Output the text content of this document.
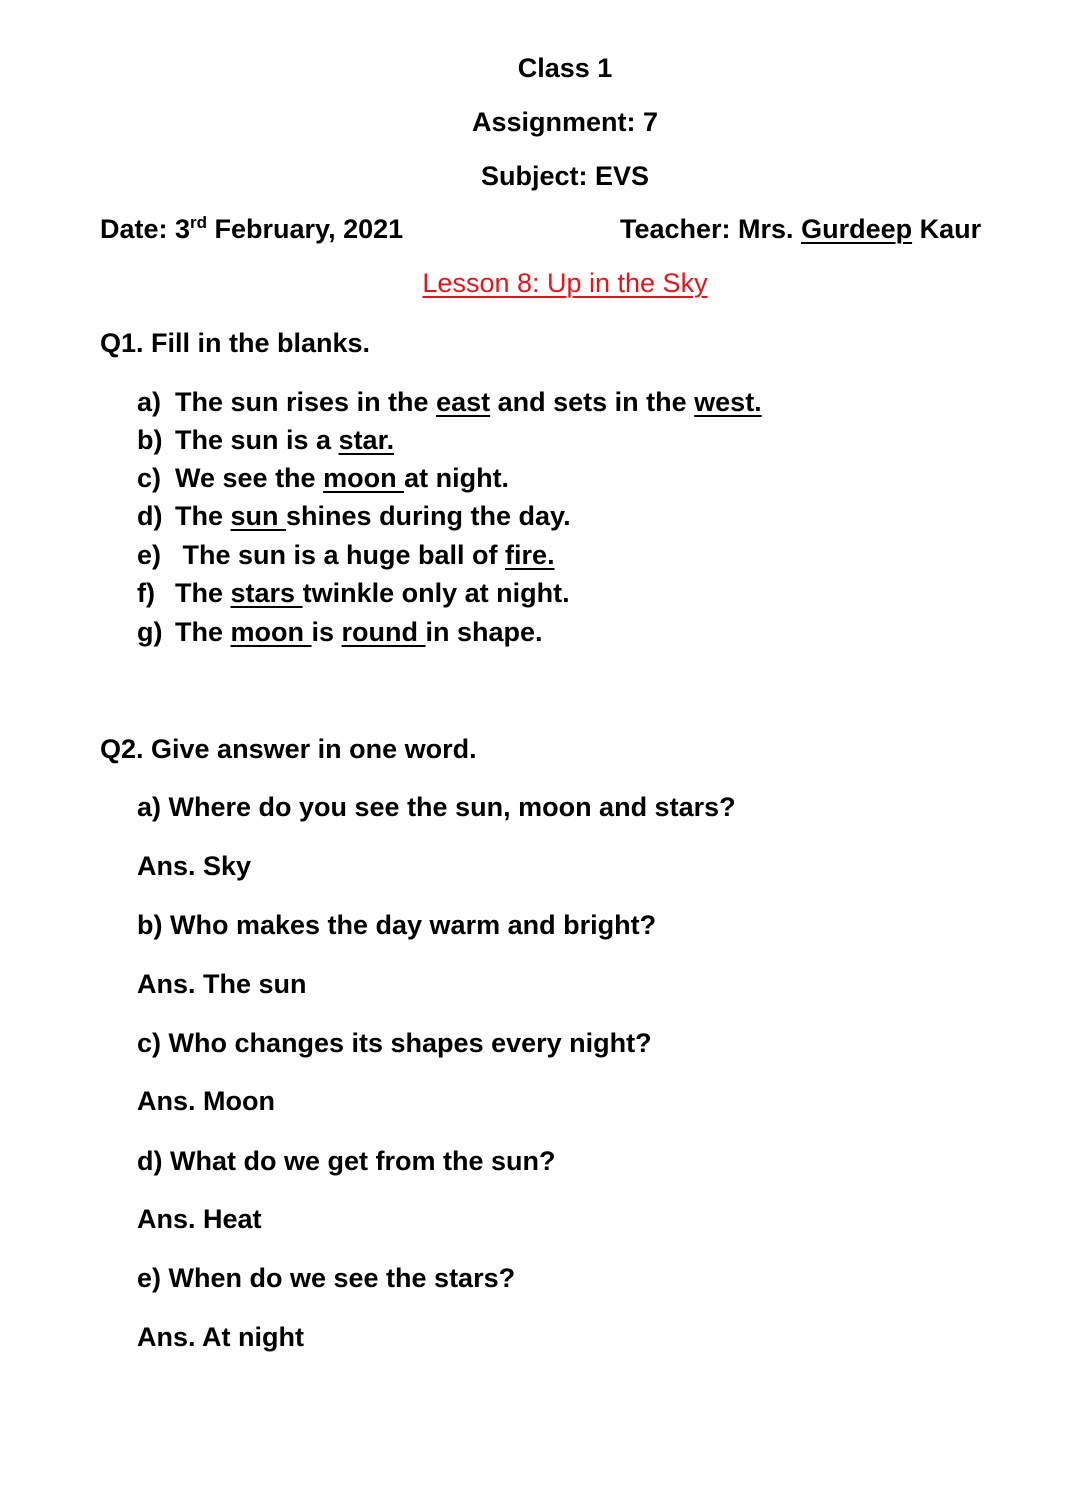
Class 1
Assignment: 7
Subject: EVS
Date: 3rd February, 2021	Teacher: Mrs. Gurdeep Kaur
Lesson 8: Up in the Sky
Q1. Fill in the blanks.
a) The sun rises in the east and sets in the west.
b) The sun is a star.
c) We see the moon at night.
d) The sun shines during the day.
e) The sun is a huge ball of fire.
f) The stars twinkle only at night.
g) The moon is round in shape.
Q2. Give answer in one word.
a) Where do you see the sun, moon and stars?
Ans. Sky
b) Who makes the day warm and bright?
Ans. The sun
c) Who changes its shapes every night?
Ans. Moon
d) What do we get from the sun?
Ans. Heat
e) When do we see the stars?
Ans. At night
